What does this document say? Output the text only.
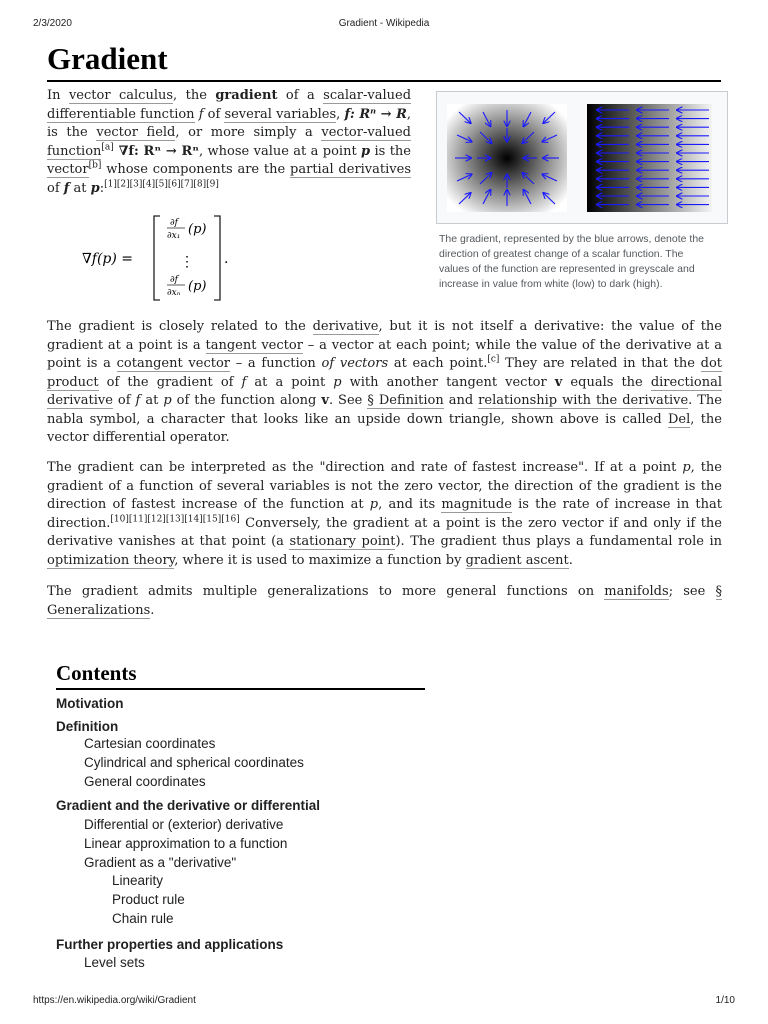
2/3/2020	Gradient - Wikipedia
Gradient

In vector calculus, the gradient of a scalar-valued differentiable function f of several variables, f: Rⁿ → R, is the vector field, or more simply a vector-valued function[a] ∇f: Rⁿ → Rⁿ, whose value at a point p is the vector[b] whose components are the partial derivatives of f at p:[1][2][3][4][5][6][7][8][9]

∇f(p) =
∂f
∂x₁ (p)
⋮
∂f
∂xₙ (p)
.

The gradient, represented by the blue arrows, denote the direction of greatest change of a scalar function. The values of the function are represented in greyscale and increase in value from white (low) to dark (high).

The gradient is closely related to the derivative, but it is not itself a derivative: the value of the gradient at a point is a tangent vector – a vector at each point; while the value of the derivative at a point is a cotangent vector – a function of vectors at each point.[c] They are related in that the dot product of the gradient of f at a point p with another tangent vector v equals the directional derivative of f at p of the function along v. See § Definition and relationship with the derivative. The nabla symbol, a character that looks like an upside down triangle, shown above is called Del, the vector differential operator.

The gradient can be interpreted as the "direction and rate of fastest increase". If at a point p, the gradient of a function of several variables is not the zero vector, the direction of the gradient is the direction of fastest increase of the function at p, and its magnitude is the rate of increase in that direction.[10][11][12][13][14][15][16] Conversely, the gradient at a point is the zero vector if and only if the derivative vanishes at that point (a stationary point). The gradient thus plays a fundamental role in optimization theory, where it is used to maximize a function by gradient ascent.

The gradient admits multiple generalizations to more general functions on manifolds; see § Generalizations.

Contents
Motivation
Definition
Cartesian coordinates
Cylindrical and spherical coordinates
General coordinates
Gradient and the derivative or differential
Differential or (exterior) derivative
Linear approximation to a function
Gradient as a "derivative"
Linearity
Product rule
Chain rule
Further properties and applications
Level sets
https://en.wikipedia.org/wiki/Gradient	1/10
